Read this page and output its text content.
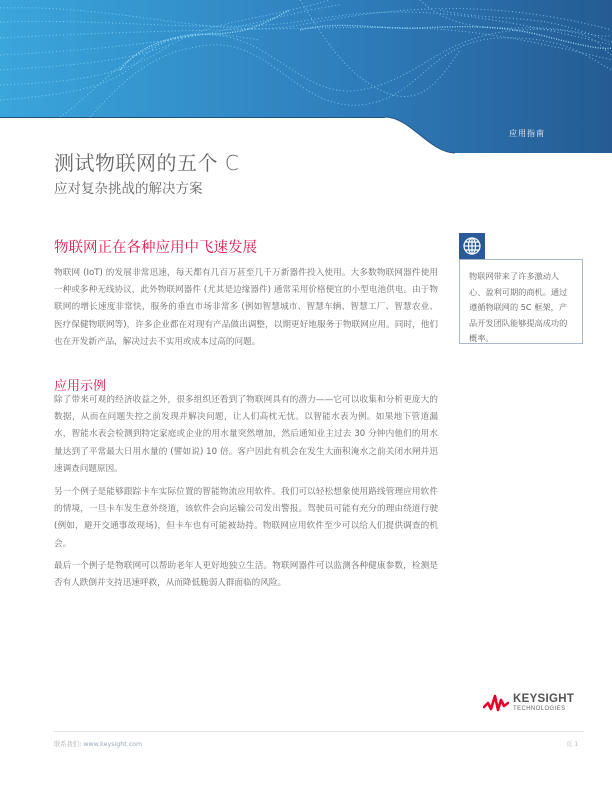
应用指南
测试物联网的五个 C
应对复杂挑战的解决方案
物联网正在各种应用中飞速发展

物联网 (IoT) 的发展非常迅速，每天都有几百万甚至几千万新器件投入使用。大多数物联网器件使用一种或多种无线协议，此外物联网器件 (尤其是边缘器件) 通常采用价格便宜的小型电池供电。由于物联网的增长速度非常快，服务的垂直市场非常多 (例如智慧城市、智慧车辆、智慧工厂、智慧农业、医疗保健物联网等)，许多企业都在对现有产品做出调整，以期更好地服务于物联网应用。同时，他们也在开发新产品，解决过去不实用或成本过高的问题。

应用示例

除了带来可观的经济收益之外，很多组织还看到了物联网具有的潜力——它可以收集和分析更庞大的数据，从而在问题失控之前发现并解决问题，让人们高枕无忧。以智能水表为例。如果地下管道漏水，智能水表会检测到特定家庭或企业的用水量突然增加，然后通知业主过去 30 分钟内他们的用水量达到了平常最大日用水量的 (譬如说) 10 倍。客户因此有机会在发生大面积淹水之前关闭水闸并迅速调查问题原因。

另一个例子是能够跟踪卡车实际位置的智能物流应用软件。我们可以轻松想象使用路线管理应用软件的情境，一旦卡车发生意外绕道，该软件会向运输公司发出警报。驾驶员可能有充分的理由绕道行驶 (例如，避开交通事故现场)，但卡车也有可能被劫持。物联网应用软件至少可以给人们提供调查的机会。

最后一个例子是物联网可以帮助老年人更好地独立生活。物联网器件可以监测各种健康参数，检测是否有人跌倒并支持迅速呼救，从而降低脆弱人群面临的风险。

物联网带来了许多激动人心、盈利可期的商机。通过遵循物联网的 5C 框架，产品开发团队能够提高成功的概率。
KEYSIGHT
TECHNOLOGIES
联系我们: www.keysight.com	页 1
